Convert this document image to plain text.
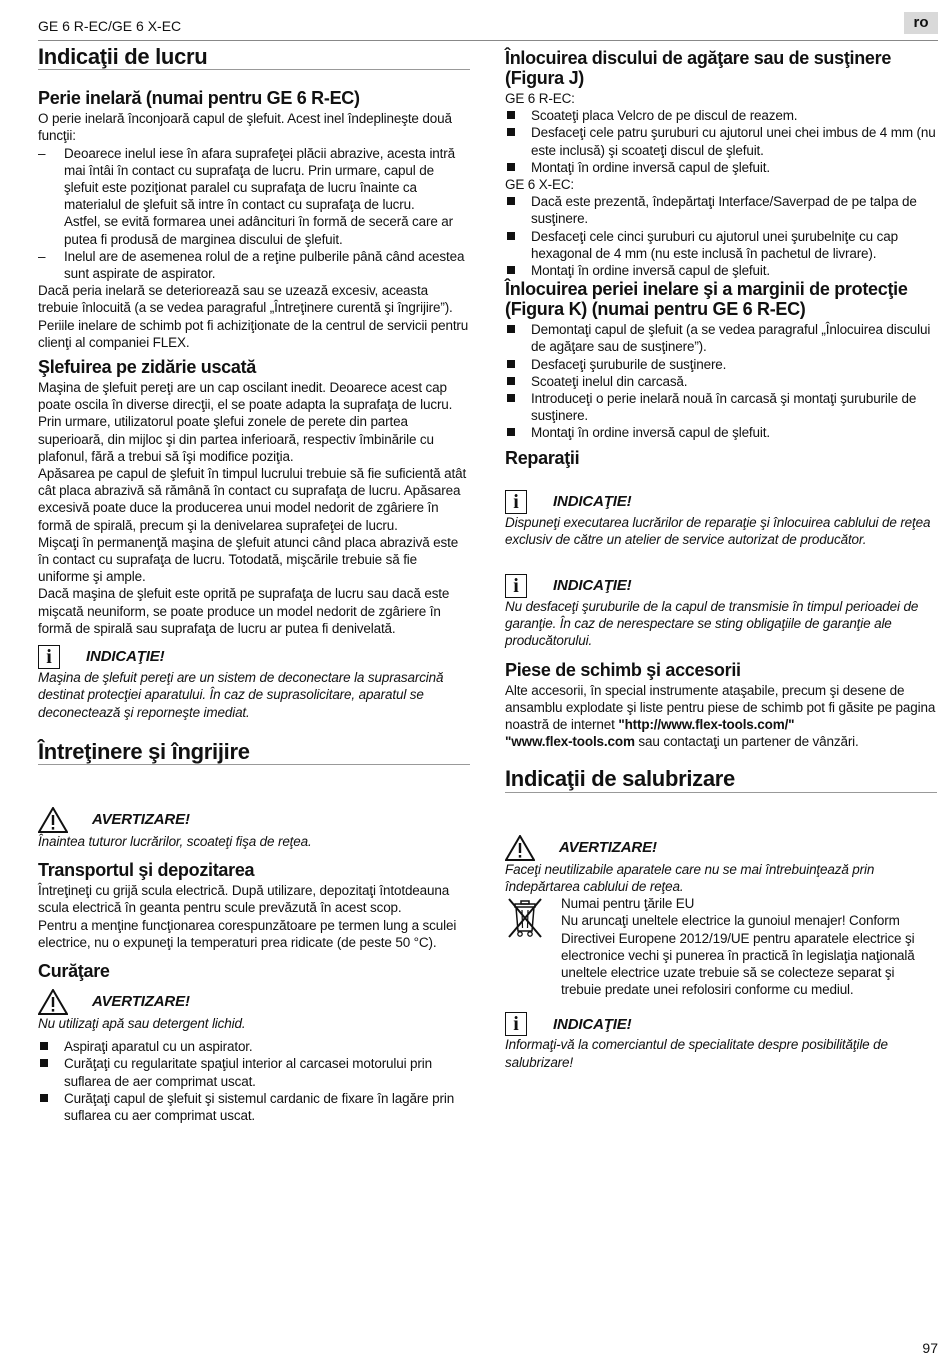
GE 6 R-EC/GE 6 X-EC	ro
Indicaţii de lucru
Perie inelară (numai pentru GE 6 R-EC)

O perie inelară înconjoară capul de şlefuit. Acest inel îndeplineşte două funcţii:

–	Deoarece inelul iese în afara suprafeţei plăcii abrazive, acesta intră mai întâi în contact cu suprafaţa de lucru. Prin urmare, capul de şlefuit este poziţionat paralel cu suprafaţa de lucru înainte ca materialul de şlefuit să intre în contact cu suprafaţa de lucru.
Astfel, se evită formarea unei adâncituri în formă de seceră care ar putea fi produsă de marginea discului de şlefuit.
–	Inelul are de asemenea rolul de a reţine pulberile până când acestea sunt aspirate de aspirator.

Dacă peria inelară se deteriorează sau se uzează excesiv, aceasta trebuie înlocuită (a se vedea paragraful „Întreţinere curentă şi îngrijire”). Periile inelare de schimb pot fi achiziţionate de la centrul de servicii pentru clienţi al companiei FLEX.

Şlefuirea pe zidărie uscată

Maşina de şlefuit pereţi are un cap oscilant inedit. Deoarece acest cap poate oscila în diverse direcţii, el se poate adapta la suprafaţa de lucru. Prin urmare, utilizatorul poate şlefui zonele de perete din partea superioară, din mijloc şi din partea inferioară, respectiv îmbinările cu plafonul, fără a trebui să îşi modifice poziţia.

Apăsarea pe capul de şlefuit în timpul lucrului trebuie să fie suficientă atât cât placa abrazivă să rămână în contact cu suprafaţa de lucru. Apăsarea excesivă poate duce la producerea unui model nedorit de zgâriere în formă de spirală, precum şi la denivelarea suprafeţei de lucru.

Mişcaţi în permanenţă maşina de şlefuit atunci când placa abrazivă este în contact cu suprafaţa de lucru. Totodată, mişcările trebuie să fie uniforme şi ample.

Dacă maşina de şlefuit este oprită pe suprafaţa de lucru sau dacă este mişcată neuniform, se poate produce un model nedorit de zgâriere în formă de spirală sau suprafaţa de lucru ar putea fi denivelată.

i	INDICAŢIE!

Maşina de şlefuit pereţi are un sistem de deconectare la suprasarcină destinat protecţiei aparatului. În caz de suprasolicitare, aparatul se deconectează şi reporneşte imediat.

Întreţinere şi îngrijire
AVERTIZARE!

Înaintea tuturor lucrărilor, scoateţi fişa de reţea.

Transportul şi depozitarea

Întreţineţi cu grijă scula electrică. După utilizare, depozitaţi întotdeauna scula electrică în geanta pentru scule prevăzută în acest scop.

Pentru a menţine funcţionarea corespunzătoare pe termen lung a sculei electrice, nu o expuneţi la temperaturi prea ridicate (de peste 50 °C).

Curăţare
AVERTIZARE!

Nu utilizaţi apă sau detergent lichid.

Aspiraţi aparatul cu un aspirator.
Curăţaţi cu regularitate spaţiul interior al carcasei motorului prin suflarea de aer comprimat uscat.
Curăţaţi capul de şlefuit şi sistemul cardanic de fixare în lagăre prin suflarea cu aer comprimat uscat.
Înlocuirea discului de agăţare sau de susţinere (Figura J)

GE 6 R-EC:

Scoateţi placa Velcro de pe discul de reazem.
Desfaceţi cele patru şuruburi cu ajutorul unei chei imbus de 4 mm (nu este inclusă) şi scoateţi discul de şlefuit.
Montaţi în ordine inversă capul de şlefuit.

GE 6 X-EC:

Dacă este prezentă, îndepărtaţi Interface/Saverpad de pe talpa de susţinere.
Desfaceţi cele cinci şuruburi cu ajutorul unei şurubelniţe cu cap hexagonal de 4 mm (nu este inclusă în pachetul de livrare).
Montaţi în ordine inversă capul de şlefuit.
Înlocuirea periei inelare şi a marginii de protecţie (Figura K) (numai pentru GE 6 R-EC)
Demontaţi capul de şlefuit (a se vedea paragraful „Înlocuirea discului de agăţare sau de susţinere”).
Desfaceţi şuruburile de susţinere.
Scoateţi inelul din carcasă.
Introduceţi o perie inelară nouă în carcasă şi montaţi şuruburile de susţinere.
Montaţi în ordine inversă capul de şlefuit.
Reparaţii
i	INDICAŢIE!

Dispuneţi executarea lucrărilor de reparaţie şi înlocuirea cablului de reţea exclusiv de către un atelier de service autorizat de producător.

i	INDICAŢIE!

Nu desfaceţi şuruburile de la capul de transmisie în timpul perioadei de garanţie. În caz de nerespectare se sting obligaţiile de garanţie ale producătorului.

Piese de schimb şi accesorii

Alte accesorii, în special instrumente ataşabile, precum şi desene de ansamblu explodate şi liste pentru piese de schimb pot fi găsite pe pagina noastră de internet "http://www.flex-tools.com/"
"www.flex-tools.com sau contactaţi un partener de vânzări.

Indicaţii de salubrizare
AVERTIZARE!

Faceţi neutilizabile aparatele care nu se mai întrebuinţează prin îndepărtarea cablului de reţea.

Numai pentru ţările EU

Nu aruncaţi uneltele electrice la gunoiul menajer! Conform Directivei Europene 2012/19/UE pentru aparatele electrice şi electronice vechi şi punerea în practică în legislaţia naţională uneltele electrice uzate trebuie să se colecteze separat şi trebuie predate unei refolosiri conforme cu mediul.

i	INDICAŢIE!

Informaţi-vă la comerciantul de specialitate despre posibilităţile de salubrizare!

97
